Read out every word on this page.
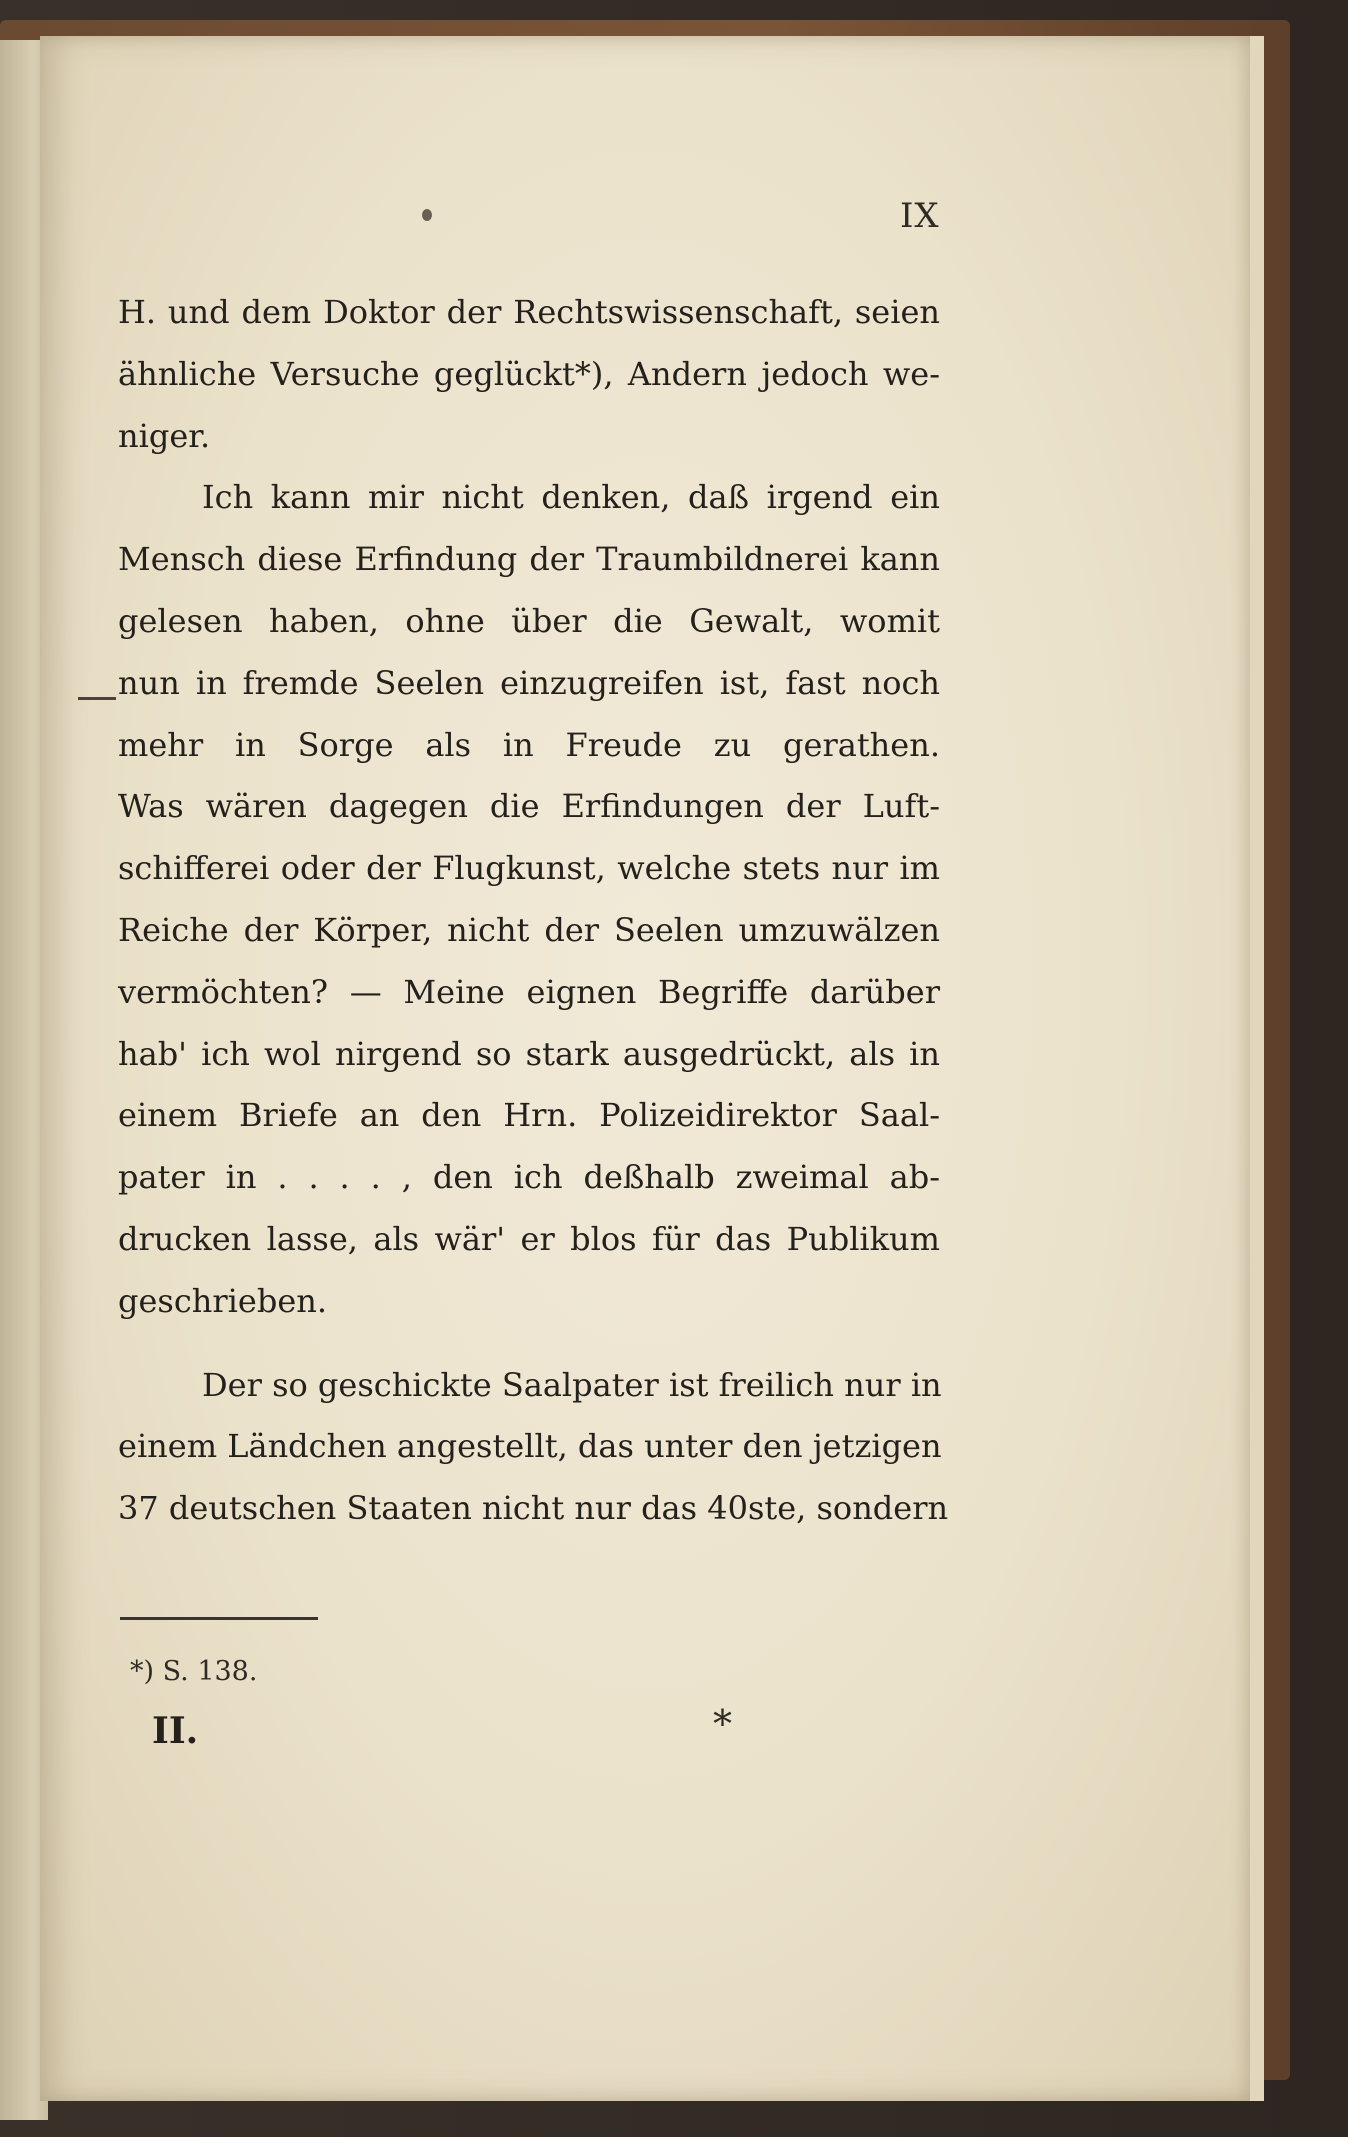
IX
H. und dem Doktor der Rechtswissenschaft, seien
ähnliche Versuche geglückt*), Andern jedoch we-
niger.
Ich kann mir nicht denken, daß irgend ein
Mensch diese Erfindung der Traumbildnerei kann
gelesen haben, ohne über die Gewalt, womit
nun in fremde Seelen einzugreifen ist, fast noch
mehr in Sorge als in Freude zu gerathen.
Was wären dagegen die Erfindungen der Luft-
schifferei oder der Flugkunst, welche stets nur im
Reiche der Körper, nicht der Seelen umzuwälzen
vermöchten? — Meine eignen Begriffe darüber
hab' ich wol nirgend so stark ausgedrückt, als in
einem Briefe an den Hrn. Polizeidirektor Saal-
pater in . . . . , den ich deßhalb zweimal ab-
drucken lasse, als wär' er blos für das Publikum
geschrieben.
Der so geschickte Saalpater ist freilich nur in
einem Ländchen angestellt, das unter den jetzigen
37 deutschen Staaten nicht nur das 40ste, sondern
*) S. 138.
II.	*
